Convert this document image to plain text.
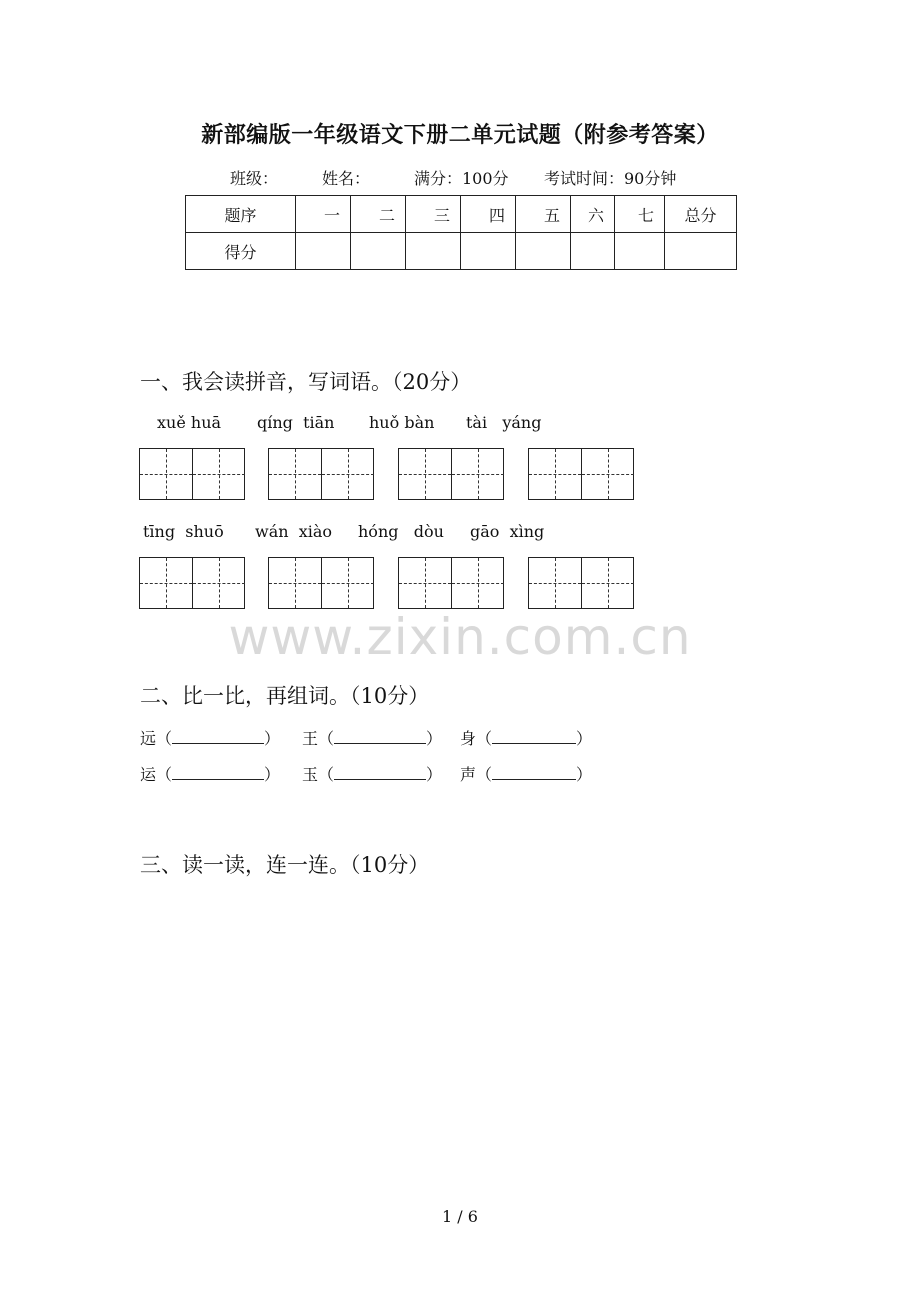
新部编版一年级语文下册二单元试题（附参考答案）
班级：	姓名：	满分：100分 考试时间：90分钟
题序	一	二	三	四	五	六	七	总分
得分								
一、我会读拼音，写词语。（20分）
xuě huā qíng  tiān huǒ bàn tài   yáng
tīng  shuō wán  xiào hóng   dòu gāo  xìng
www.zixin.com.cn
二、比一比，再组词。（10分）
远（	） 王（	） 身（	）
运（	） 玉（	） 声（	）
三、读一读，连一连。（10分）
1 / 6
